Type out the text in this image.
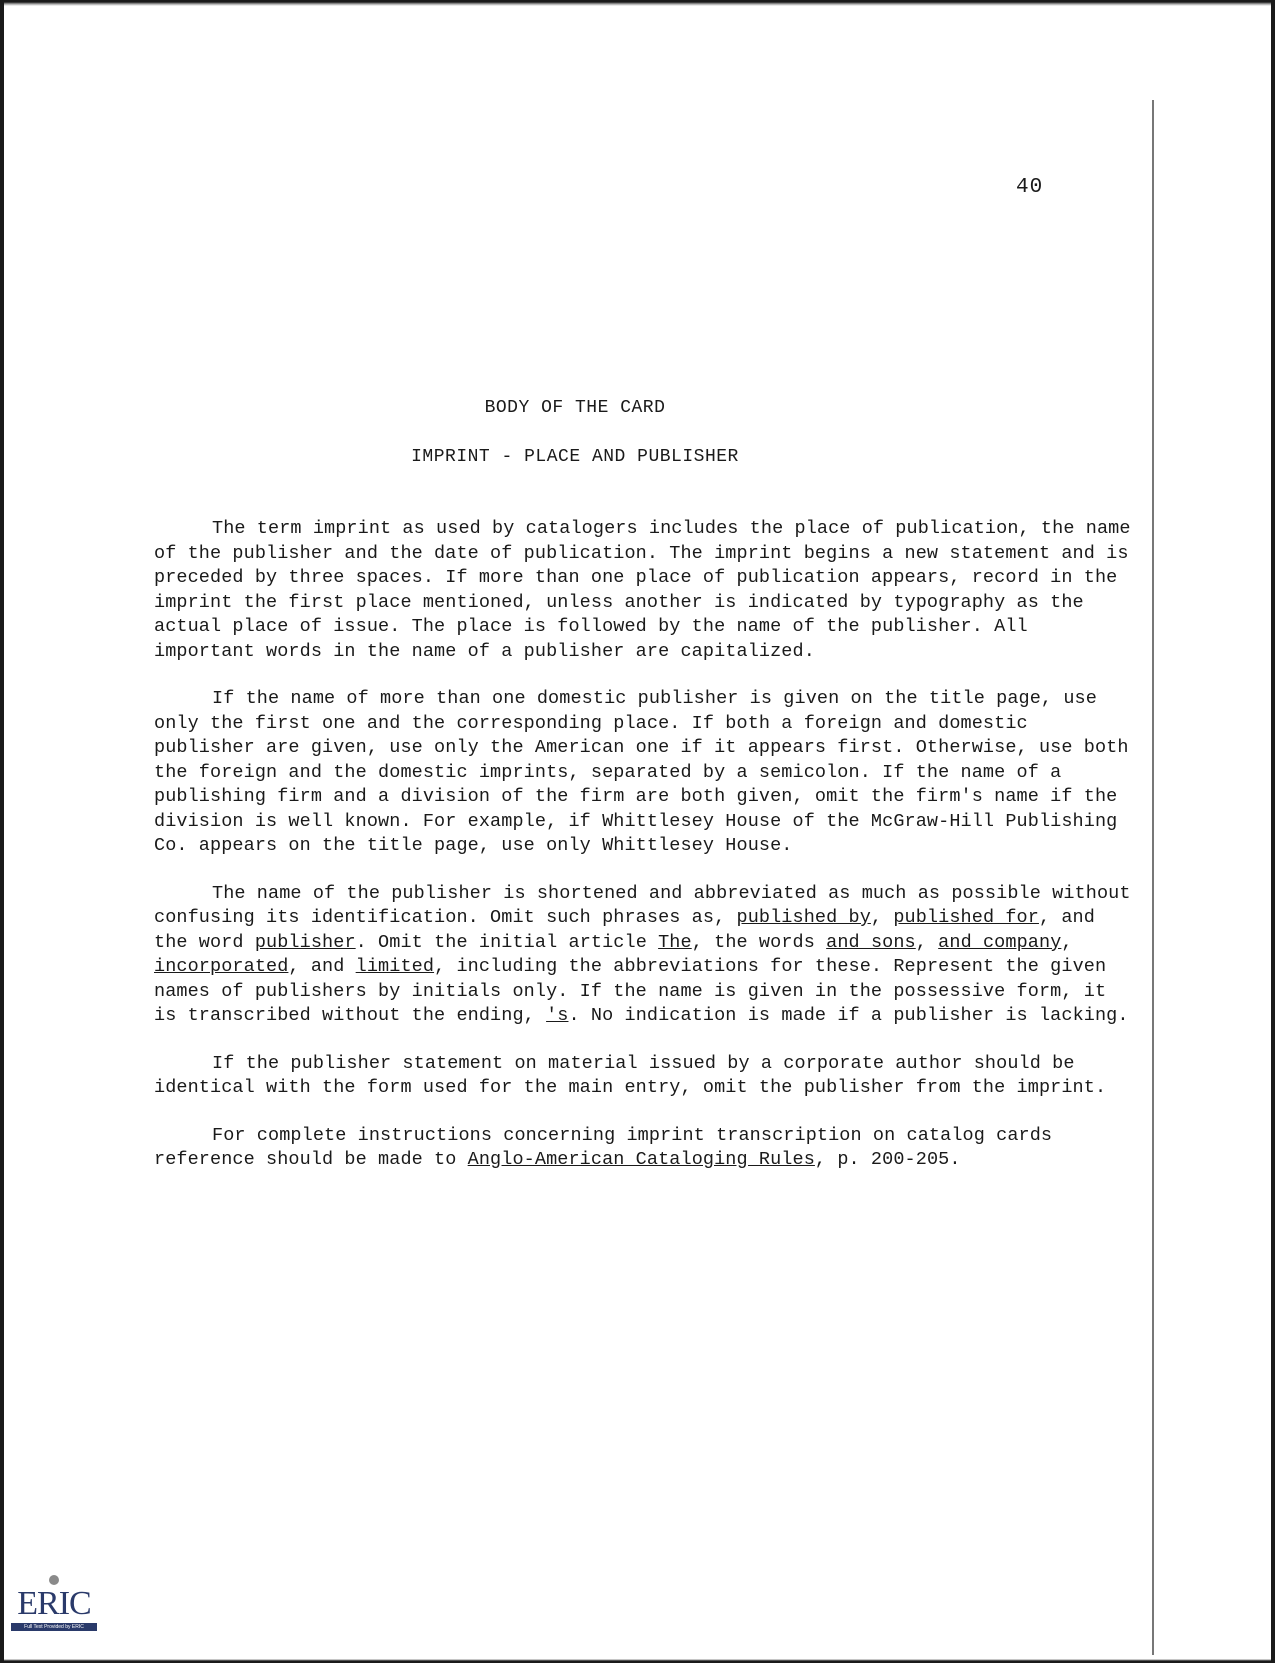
40
BODY OF THE CARD
IMPRINT - PLACE AND PUBLISHER

The term imprint as used by catalogers includes the place of publication, the name of the publisher and the date of publication. The imprint begins a new statement and is preceded by three spaces. If more than one place of publication appears, record in the imprint the first place mentioned, unless another is indicated by typography as the actual place of issue. The place is followed by the name of the publisher. All important words in the name of a publisher are capitalized.

If the name of more than one domestic publisher is given on the title page, use only the first one and the corresponding place. If both a foreign and domestic publisher are given, use only the American one if it appears first. Otherwise, use both the foreign and the domestic imprints, separated by a semicolon. If the name of a publishing firm and a division of the firm are both given, omit the firm's name if the division is well known. For example, if Whittlesey House of the McGraw-Hill Publishing Co. appears on the title page, use only Whittlesey House.

The name of the publisher is shortened and abbreviated as much as possible without confusing its identification. Omit such phrases as, published by, published for, and the word publisher. Omit the initial article The, the words and sons, and company, incorporated, and limited, including the abbreviations for these. Represent the given names of publishers by initials only. If the name is given in the possessive form, it is transcribed without the ending, 's. No indication is made if a publisher is lacking.

If the publisher statement on material issued by a corporate author should be identical with the form used for the main entry, omit the publisher from the imprint.

For complete instructions concerning imprint transcription on catalog cards reference should be made to Anglo-American Cataloging Rules, p. 200-205.

ERIC
Full Text Provided by ERIC
